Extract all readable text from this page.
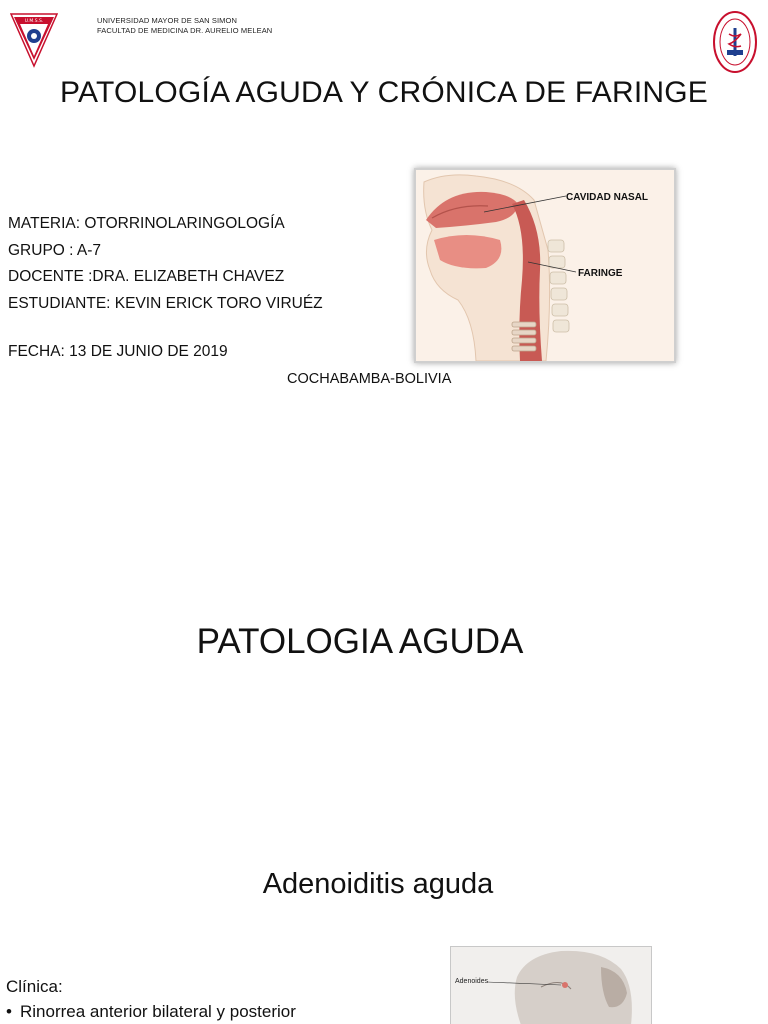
U.M.S.S.	UNIVERSIDAD MAYOR DE SAN SIMON
FACULTAD DE MEDICINA DR. AURELIO MELEAN
PATOLOGÍA AGUDA Y CRÓNICA DE FARINGE
MATERIA: OTORRINOLARINGOLOGÍA
GRUPO : A-7
DOCENTE :DRA. ELIZABETH CHAVEZ
ESTUDIANTE: KEVIN ERICK TORO VIRUÉZ
FECHA: 13 DE JUNIO DE 2019
COCHABAMBA-BOLIVIA
CAVIDAD NASAL
FARINGE
PATOLOGIA AGUDA
Adenoiditis aguda
Clínica:
• Rinorrea anterior bilateral y posterior
Adenoides
